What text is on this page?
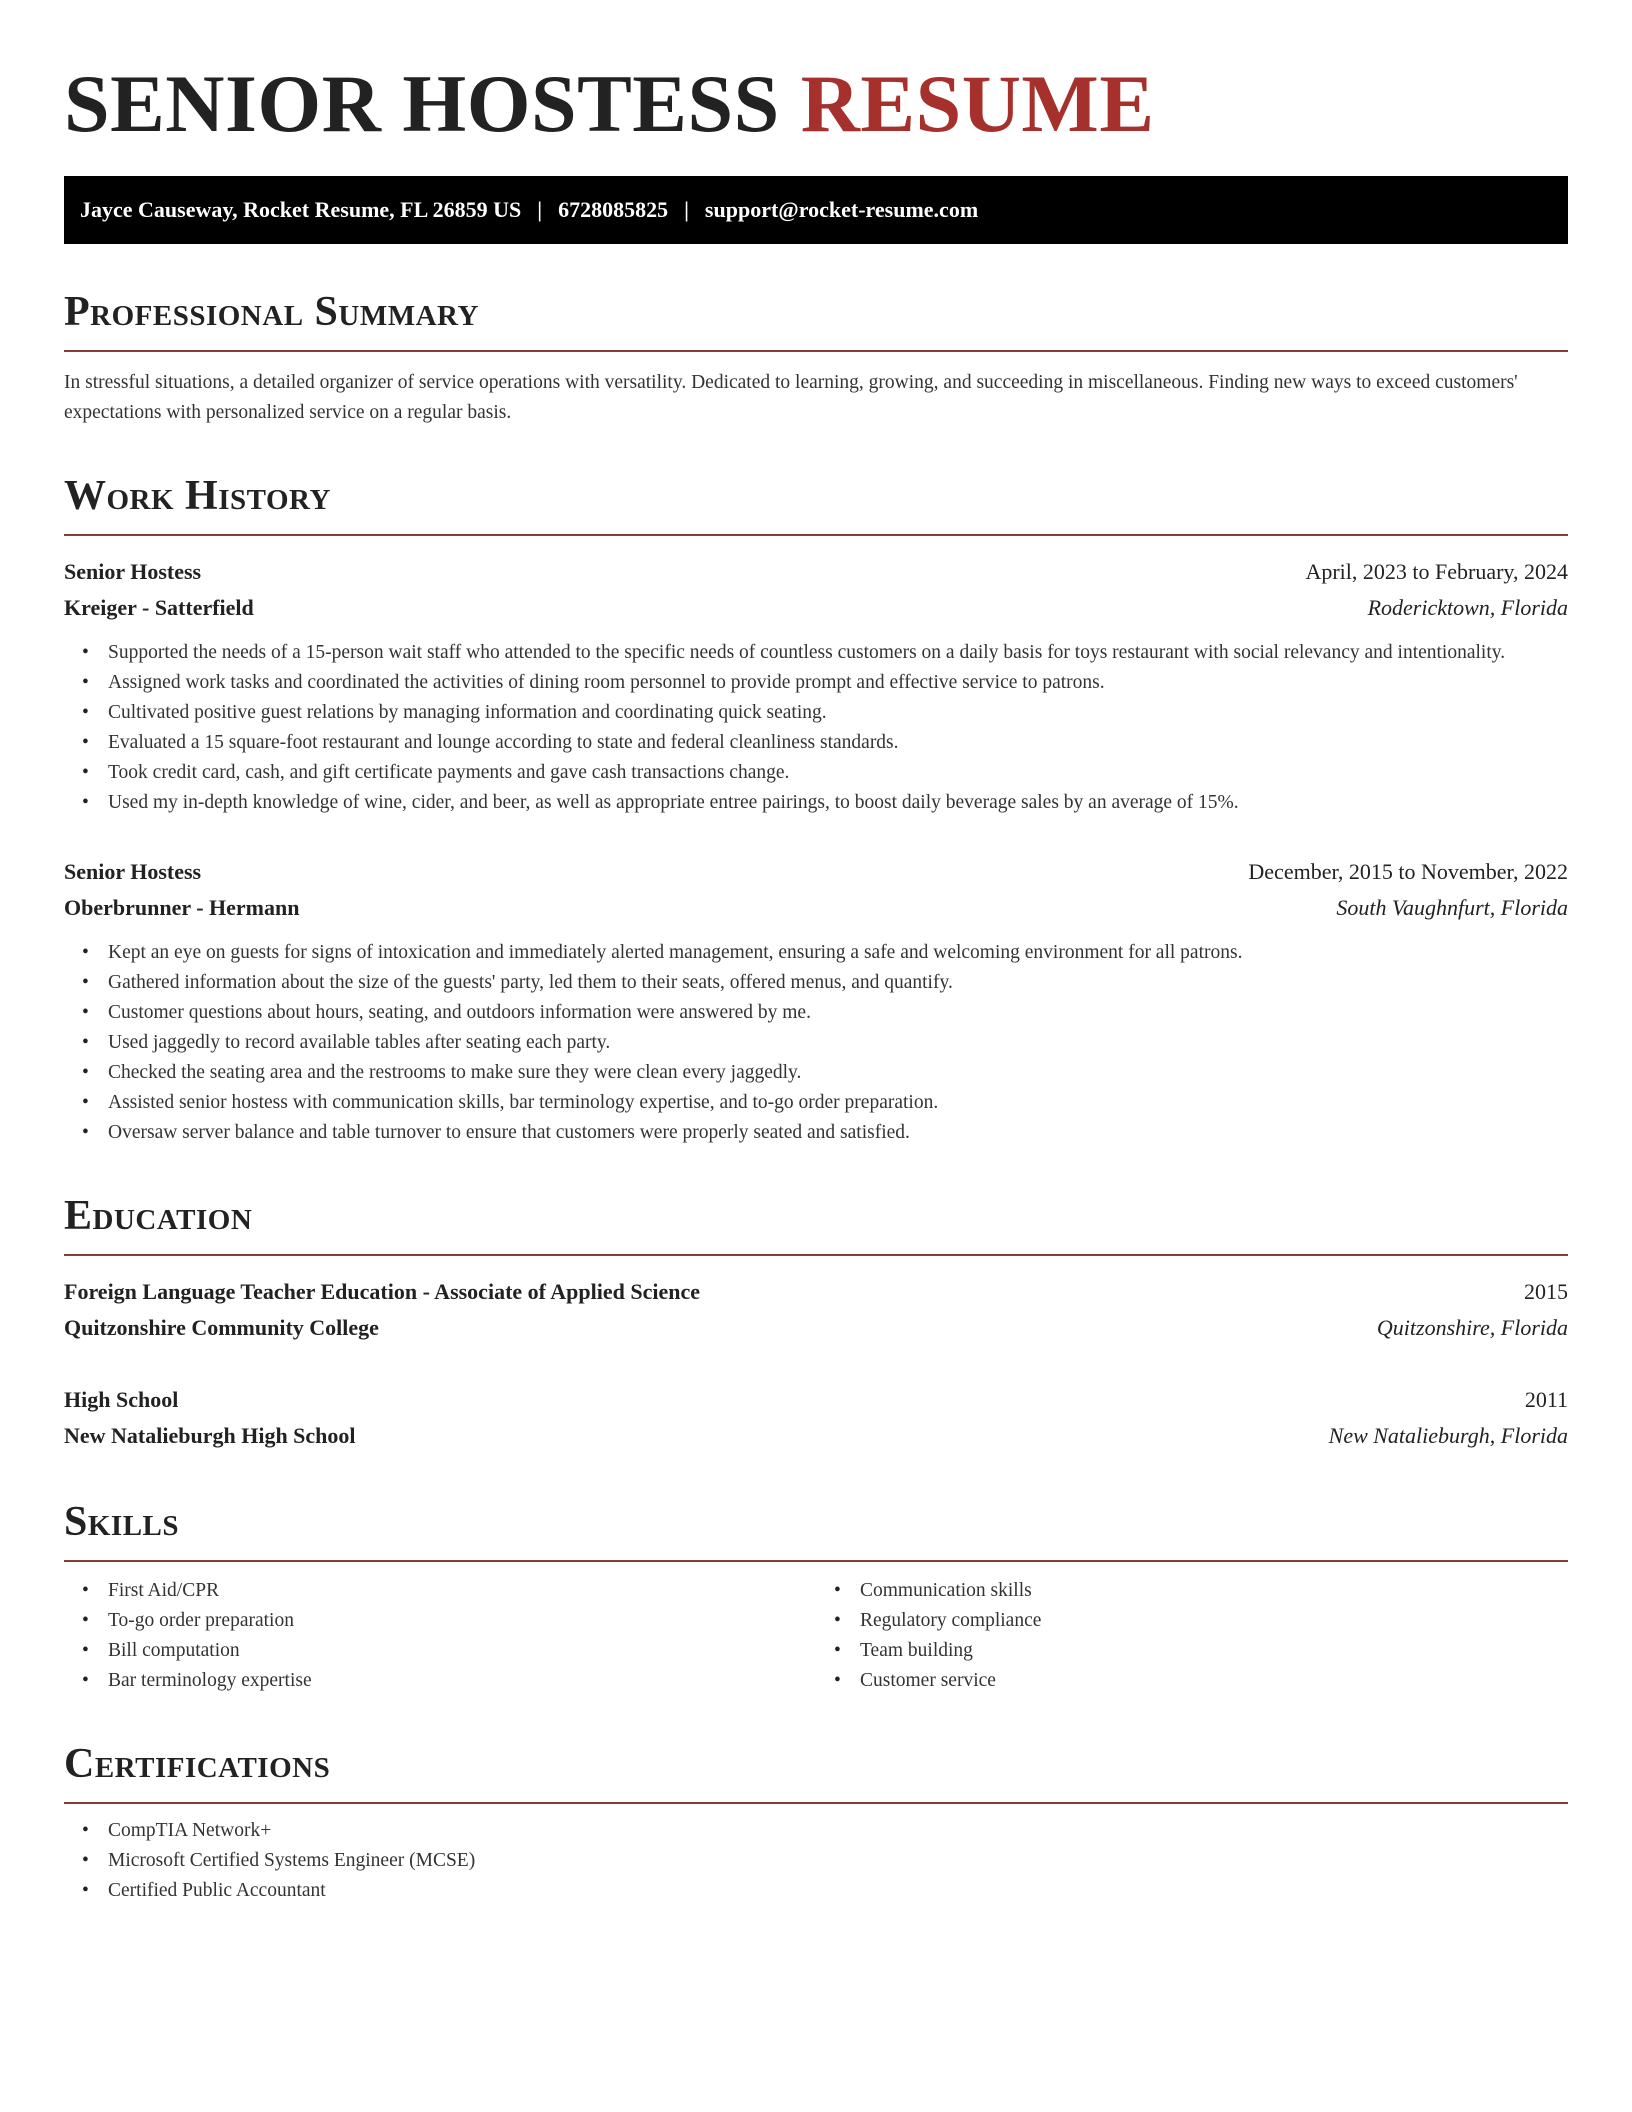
SENIOR HOSTESS RESUME
Jayce Causeway, Rocket Resume, FL 26859 US | 6728085825 | support@rocket-resume.com
Professional Summary

In stressful situations, a detailed organizer of service operations with versatility. Dedicated to learning, growing, and succeeding in miscellaneous. Finding new ways to exceed customers' expectations with personalized service on a regular basis.

Work History
Senior Hostess	April, 2023 to February, 2024
Kreiger - Satterfield	Rodericktown, Florida
• Supported the needs of a 15-person wait staff who attended to the specific needs of countless customers on a daily basis for toys restaurant with social relevancy and intentionality.
• Assigned work tasks and coordinated the activities of dining room personnel to provide prompt and effective service to patrons.
• Cultivated positive guest relations by managing information and coordinating quick seating.
• Evaluated a 15 square-foot restaurant and lounge according to state and federal cleanliness standards.
• Took credit card, cash, and gift certificate payments and gave cash transactions change.
• Used my in-depth knowledge of wine, cider, and beer, as well as appropriate entree pairings, to boost daily beverage sales by an average of 15%.
Senior Hostess	December, 2015 to November, 2022
Oberbrunner - Hermann	South Vaughnfurt, Florida
• Kept an eye on guests for signs of intoxication and immediately alerted management, ensuring a safe and welcoming environment for all patrons.
• Gathered information about the size of the guests' party, led them to their seats, offered menus, and quantify.
• Customer questions about hours, seating, and outdoors information were answered by me.
• Used jaggedly to record available tables after seating each party.
• Checked the seating area and the restrooms to make sure they were clean every jaggedly.
• Assisted senior hostess with communication skills, bar terminology expertise, and to-go order preparation.
• Oversaw server balance and table turnover to ensure that customers were properly seated and satisfied.
Education
Foreign Language Teacher Education - Associate of Applied Science	2015
Quitzonshire Community College	Quitzonshire, Florida
High School	2011
New Natalieburgh High School	New Natalieburgh, Florida
Skills
• First Aid/CPR
• To-go order preparation
• Bill computation
• Bar terminology expertise
• Communication skills
• Regulatory compliance
• Team building
• Customer service
Certifications
• CompTIA Network+
• Microsoft Certified Systems Engineer (MCSE)
• Certified Public Accountant
